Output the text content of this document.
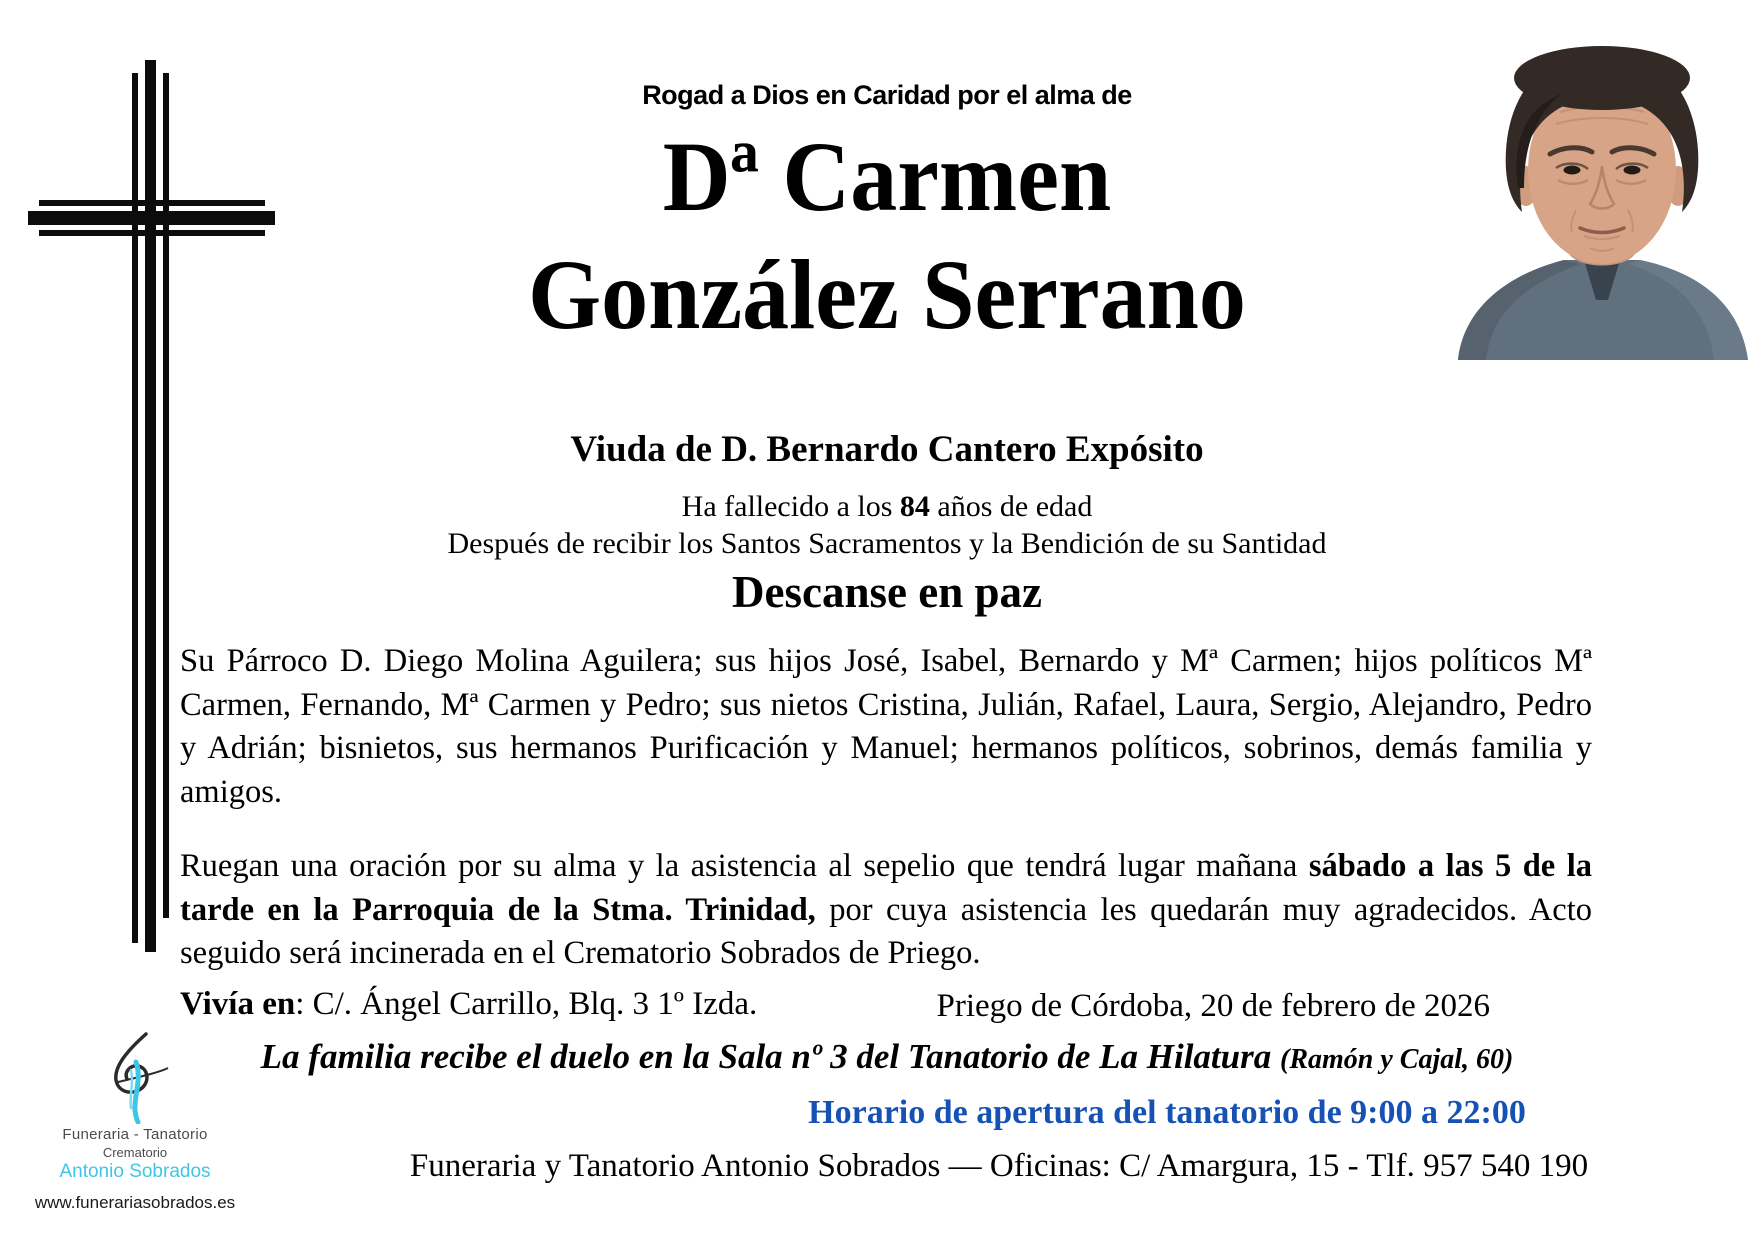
Rogad a Dios en Caridad por el alma de
Dª Carmen
González Serrano
Viuda de D. Bernardo Cantero Expósito
Ha fallecido a los 84 años de edad
Después de recibir los Santos Sacramentos y la Bendición de su Santidad
Descanse en paz
Su Párroco D. Diego Molina Aguilera; sus hijos José, Isabel, Bernardo y Mª Carmen; hijos políticos Mª Carmen, Fernando, Mª Carmen y Pedro; sus nietos Cristina, Julián, Rafael, Laura, Sergio, Alejandro, Pedro y Adrián; bisnietos, sus hermanos Purificación y Manuel; hermanos políticos, sobrinos, demás familia y amigos.
Ruegan una oración por su alma y la asistencia al sepelio que tendrá lugar mañana sábado a las 5 de la tarde en la Parroquia de la Stma. Trinidad, por cuya asistencia les quedarán muy agradecidos. Acto seguido será incinerada en el Crematorio Sobrados de Priego.
Vivía en: C/. Ángel Carrillo, Blq. 3 1º Izda.	Priego de Córdoba, 20 de febrero de 2026
La familia recibe el duelo en la Sala nº 3 del Tanatorio de La Hilatura (Ramón y Cajal, 60)
Horario de apertura del tanatorio de 9:00 a 22:00
Funeraria y Tanatorio Antonio Sobrados — Oficinas: C/ Amargura, 15 - Tlf. 957 540 190
Funeraria - Tanatorio
Crematorio
Antonio Sobrados
www.funerariasobrados.es
